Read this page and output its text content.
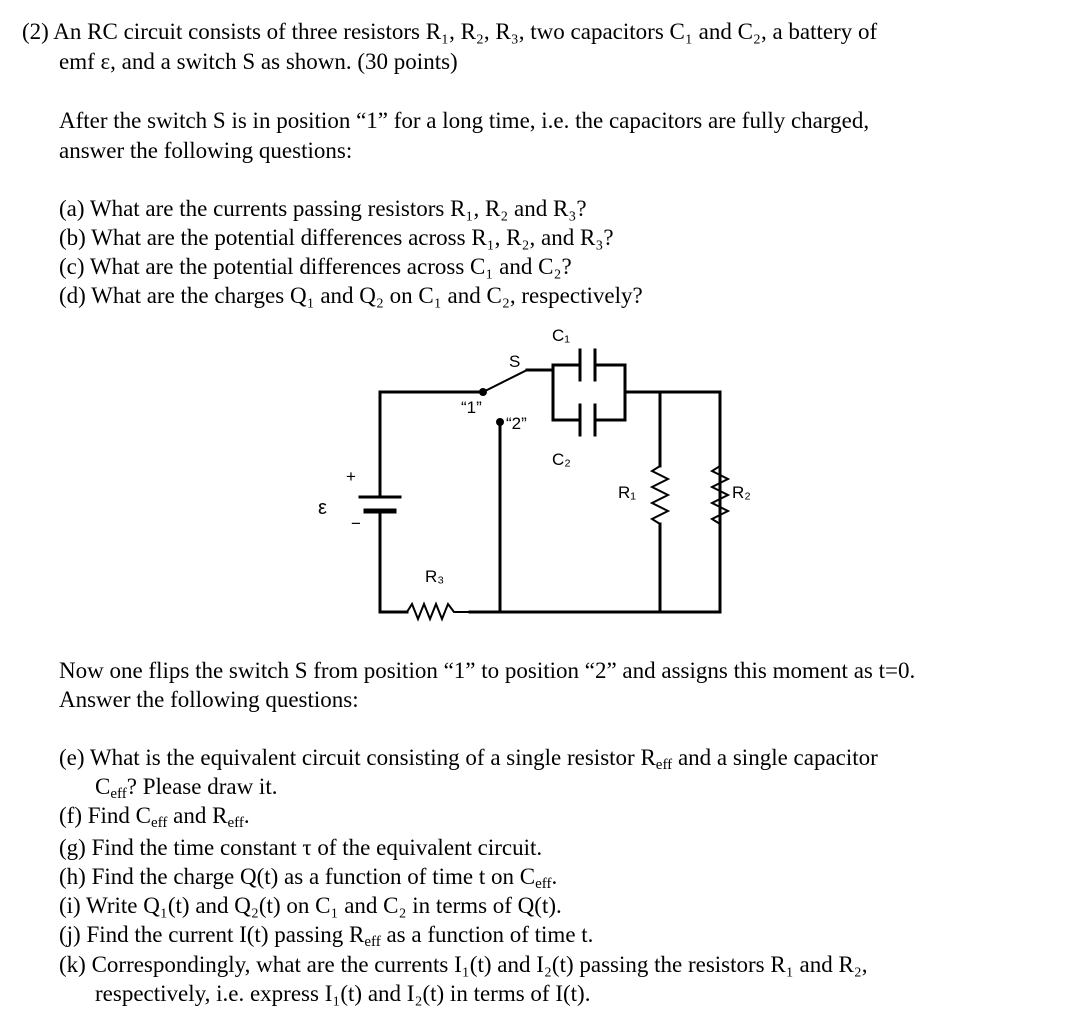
(2) An RC circuit consists of three resistors R₁, R₂, R₃, two capacitors C₁ and C₂, a battery of
emf ε, and a switch S as shown. (30 points)
After the switch S is in position “1” for a long time, i.e. the capacitors are fully charged,
answer the following questions:
(a) What are the currents passing resistors R₁, R₂ and R₃?
(b) What are the potential differences across R₁, R₂, and R₃?
(c) What are the potential differences across C₁ and C₂?
(d) What are the charges Q₁ and Q₂ on C₁ and C₂, respectively?
C₁
C₂
S
“1”
“2”
R₁	R₂
R₃
ε
+
−
Now one flips the switch S from position “1” to position “2” and assigns this moment as t=0.
Answer the following questions:
(e) What is the equivalent circuit consisting of a single resistor $R_{eff}$ and a single capacitor
$C_{eff}$? Please draw it.
(f) Find $C_{eff}$ and $R_{eff}$.
(g) Find the time constant τ of the equivalent circuit.
(h) Find the charge Q(t) as a function of time t on $C_{eff}$.
(i) Write Q₁(t) and Q₂(t) on C₁ and C₂ in terms of Q(t).
(j) Find the current I(t) passing $R_{eff}$ as a function of time t.
(k) Correspondingly, what are the currents I₁(t) and I₂(t) passing the resistors R₁ and R₂,
respectively, i.e. express I₁(t) and I₂(t) in terms of I(t).
